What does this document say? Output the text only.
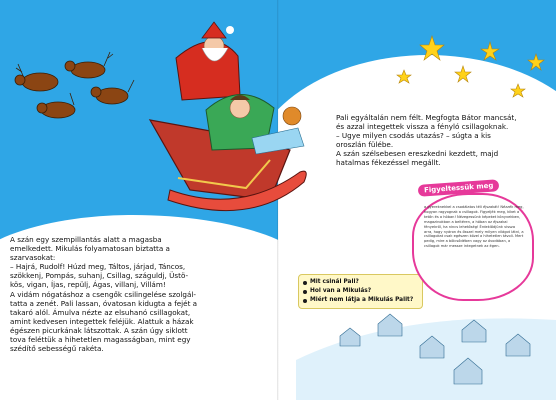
A szán egy szempillantás alatt a magasba
emelkedett. Mikulás folyamatosan biztatta a
szarvasokat:
– Hajrá, Rudolf! Húzd meg, Táltos, járjad, Táncos,
szökkenj, Pompás, suhanj, Csillag, száguldj, Üstö-
kös, vigan, Íjas, repülj, Ágas, villanj, Villám!
A vidám nógatáshoz a csengők csilingelése szolgál-
tatta a zenét. Pali lassan, óvatosan kidugta a fejét a
takaró alól. Ámulva nézte az elsuhanó csillagokat,
amint kedvesen integettek feléjük. Alattuk a házak
égészen picurkának látszottak. A szán úgy siklott
tova feléttük a hihetetlen magasságban, mint egy
szédítő sebességű rakéta.
Pali egyáltalán nem félt. Megfogta Bátor mancsát,
és azzal integettek vissza a fényló csillagoknak.
– Ugye milyen csodás utazás? – súgta a kis
oroszlán fülébe.
A szán szélsebesen ereszkedni kezdett, majd
hatalmas fékezéssel megállt.
Mit csinál Pali?
Hol van a Mikulás?
Miért nem látja a Mikulás Palit?
a gyereknekkel a csodálatos téli éjszakát! Nézzék meg, hogyan ragyognak a csillagok. Figyeljék meg, kiket a tetőn és a hóban! Nézegessünk képeket könyvekben, magazinokban a beltéren, a hóban az éjszakai fényekről, ha nincs lehetőség! Érdeklődjünk vissza arra, hogy nyáron és ősszel mely milyen világot látni, a csillagokat csak egészen közel a hihetetlen távoli. Mert pedig, mire a bölcsődében vagy az óvodában, a csillagok már messze integetnek az égen.
Figyeltessük meg
